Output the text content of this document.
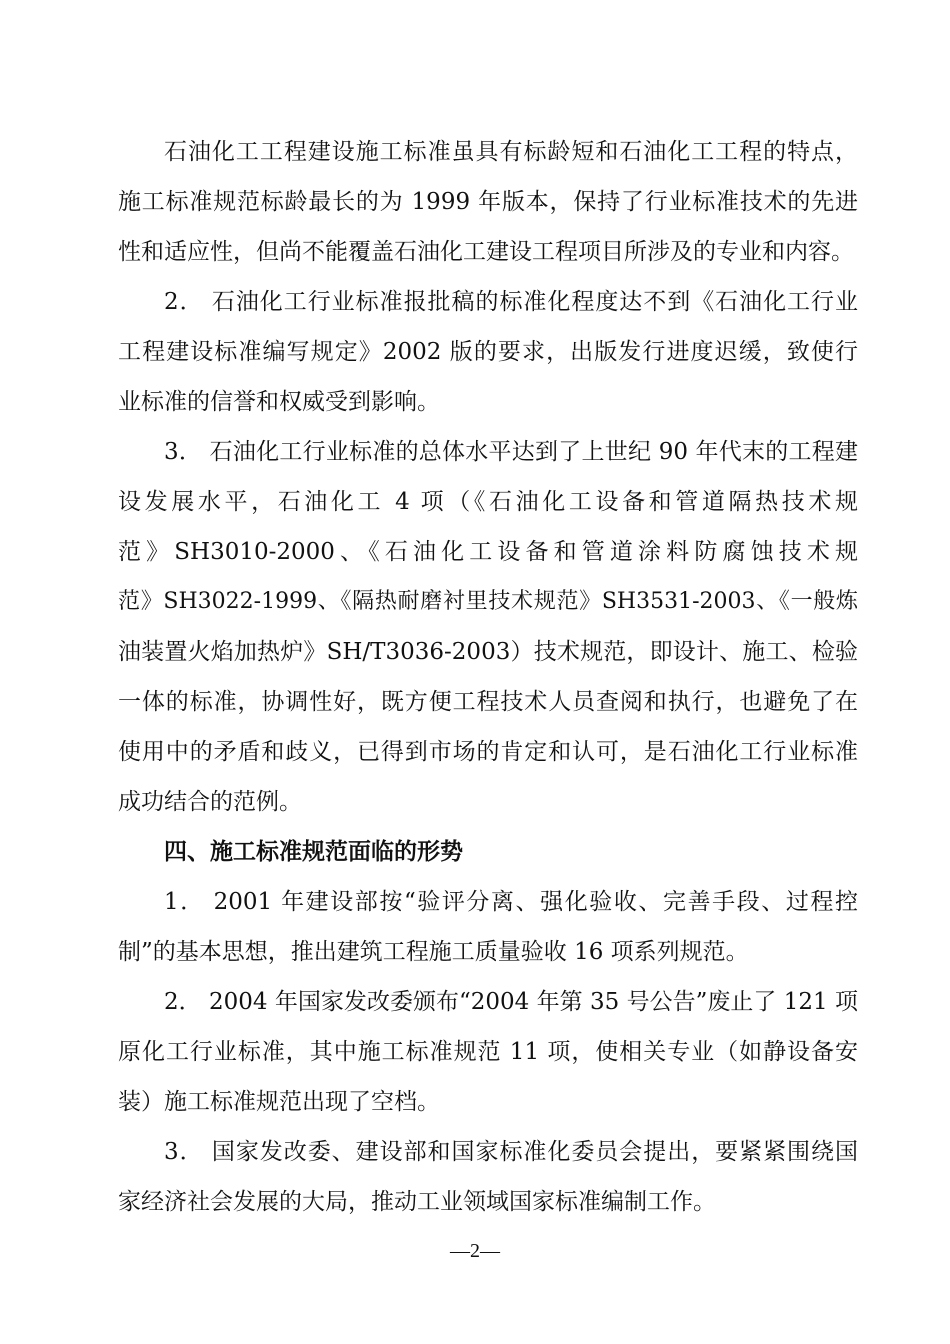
石油化工工程建设施工标准虽具有标龄短和石油化工工程的特点，
施工标准规范标龄最长的为 1999 年版本，保持了行业标准技术的先进
性和适应性，但尚不能覆盖石油化工建设工程项目所涉及的专业和内容。
2． 石油化工行业标准报批稿的标准化程度达不到《石油化工行业
工程建设标准编写规定》2002 版的要求，出版发行进度迟缓，致使行
业标准的信誉和权威受到影响。
3． 石油化工行业标准的总体水平达到了上世纪 90 年代末的工程建
设发展水平，石油化工 4 项（《石油化工设备和管道隔热技术规
范》SH3010-2000、《石油化工设备和管道涂料防腐蚀技术规
范》SH3022-1999、《隔热耐磨衬里技术规范》SH3531-2003、《一般炼
油装置火焰加热炉》SH/T3036-2003）技术规范，即设计、施工、检验
一体的标准，协调性好，既方便工程技术人员查阅和执行，也避免了在
使用中的矛盾和歧义，已得到市场的肯定和认可，是石油化工行业标准
成功结合的范例。
四、施工标准规范面临的形势
1． 2001 年建设部按“验评分离、强化验收、完善手段、过程控
制”的基本思想，推出建筑工程施工质量验收 16 项系列规范。
2． 2004 年国家发改委颁布“2004 年第 35 号公告”废止了 121 项
原化工行业标准，其中施工标准规范 11 项，使相关专业（如静设备安
装）施工标准规范出现了空档。
3． 国家发改委、建设部和国家标准化委员会提出，要紧紧围绕国
家经济社会发展的大局，推动工业领域国家标准编制工作。
—2—
